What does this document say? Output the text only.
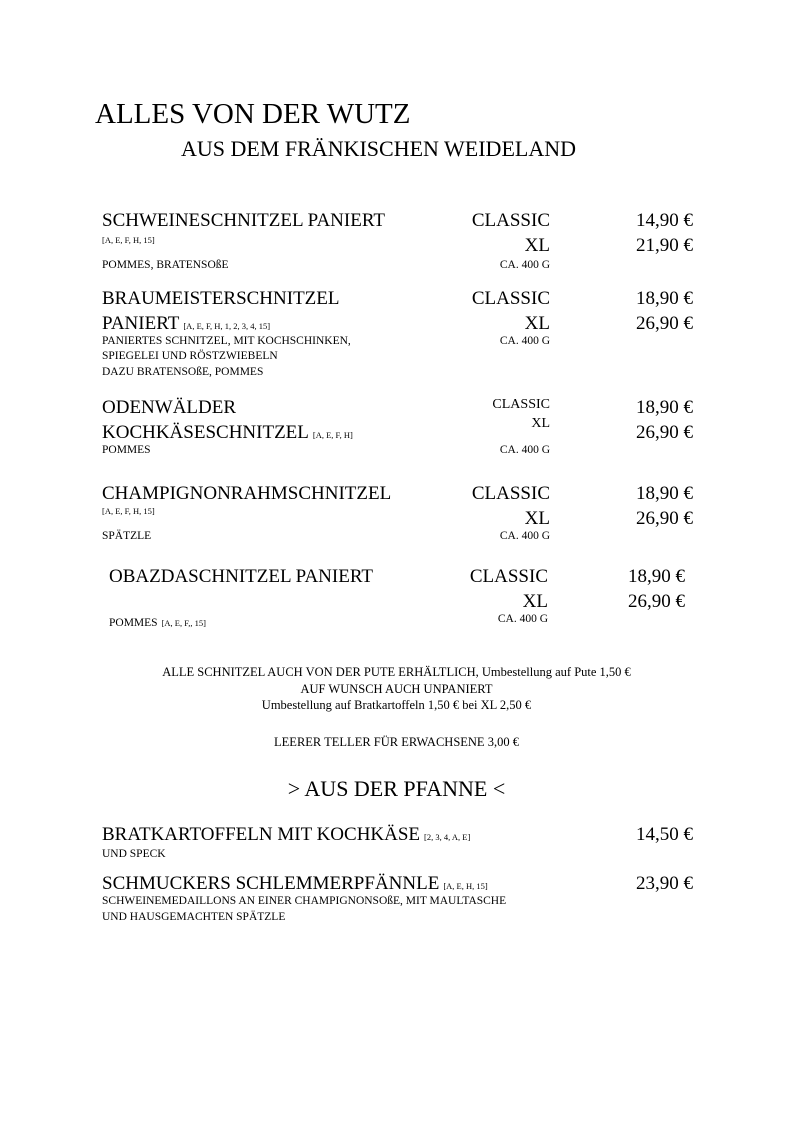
ALLES VON DER WUTZ
AUS DEM FRÄNKISCHEN WEIDELAND
SCHWEINESCHNITZEL PANIERT
[A, E, F, H, 15]
POMMES, BRATENSOßE
CLASSIC
XL
CA. 400 G
14,90 €
21,90 €
BRAUMEISTERSCHNITZEL
PANIERT [A, E, F, H, 1, 2, 3, 4, 15]
PANIERTES SCHNITZEL, MIT KOCHSCHINKEN,
SPIEGELEI UND RÖSTZWIEBELN
DAZU BRATENSOßE, POMMES
CLASSIC
XL
CA. 400 G
18,90 €
26,90 €
ODENWÄLDER
KOCHKÄSESCHNITZEL [A, E, F, H]
POMMES
CLASSIC
XL
CA. 400 G
18,90 €
26,90 €
CHAMPIGNONRAHMSCHNITZEL
[A, E, F, H, 15]
SPÄTZLE
CLASSIC
XL
CA. 400 G
18,90 €
26,90 €
OBAZDASCHNITZEL PANIERT
POMMES [A, E, F,, 15]
CLASSIC
XL
CA. 400 G
18,90 €
26,90 €
ALLE SCHNITZEL AUCH VON DER PUTE ERHÄLTLICH, Umbestellung auf Pute 1,50 €
AUF WUNSCH AUCH UNPANIERT
Umbestellung auf Bratkartoffeln 1,50 € bei XL 2,50 €
LEERER TELLER FÜR ERWACHSENE 3,00 €
> AUS DER PFANNE <
BRATKARTOFFELN MIT KOCHKÄSE [2, 3, 4, A, E]
UND SPECK
14,50 €
SCHMUCKERS SCHLEMMERPFÄNNLE [A, E, H, 15]
SCHWEINEMEDAILLONS AN EINER CHAMPIGNONSOßE, MIT MAULTASCHE
UND HAUSGEMACHTEN SPÄTZLE
23,90 €
